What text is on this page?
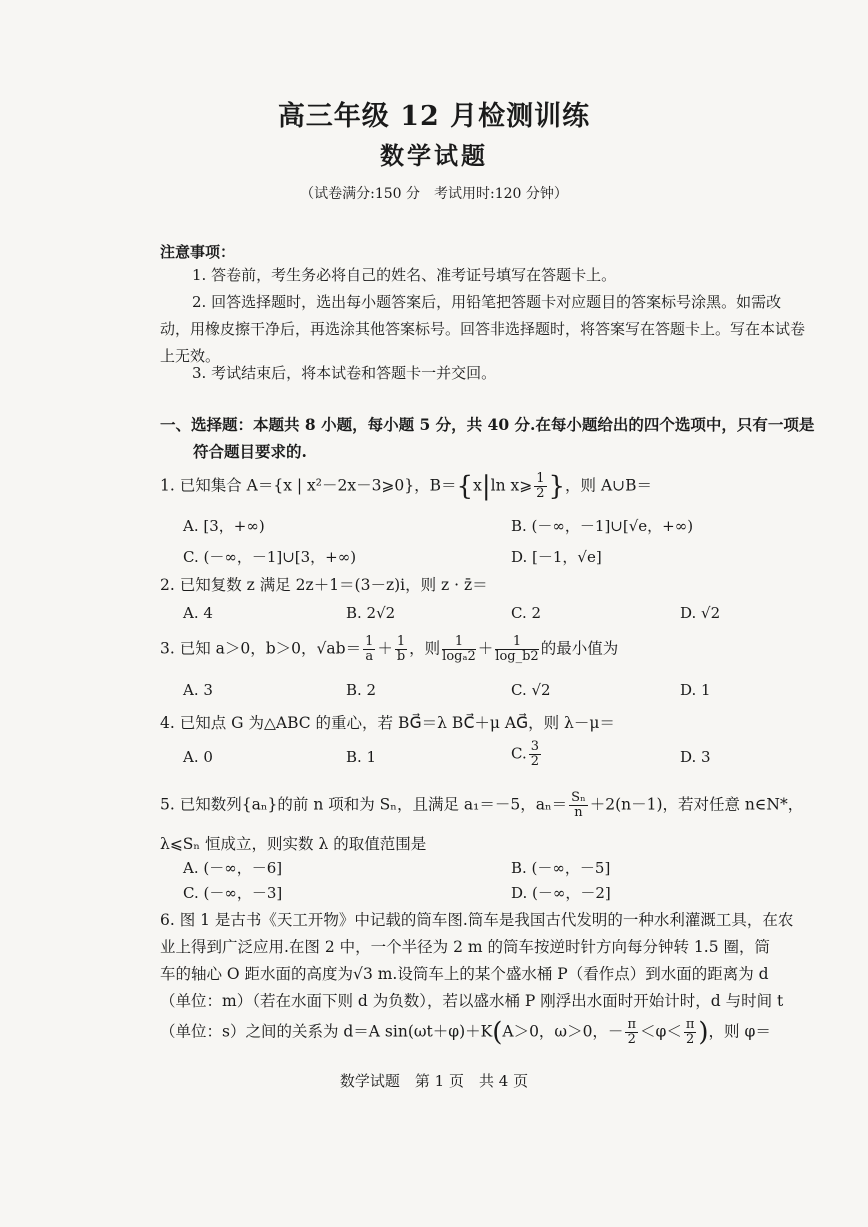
高三年级 12 月检测训练
数学试题
（试卷满分:150 分　考试用时:120 分钟）
注意事项：
1. 答卷前，考生务必将自己的姓名、准考证号填写在答题卡上。
2. 回答选择题时，选出每小题答案后，用铅笔把答题卡对应题目的答案标号涂黑。如需改动，用橡皮擦干净后，再选涂其他答案标号。回答非选择题时，将答案写在答题卡上。写在本试卷上无效。
3. 考试结束后，将本试卷和答题卡一并交回。
一、选择题：本题共 8 小题，每小题 5 分，共 40 分.在每小题给出的四个选项中，只有一项是
符合题目要求的.
1. 已知集合 A＝{x | x²－2x－3⩾0}，B＝{x|ln x⩾ $\frac{1}{2}$ }，则 A∪B＝
A. [3，+∞)	B. (－∞，－1]∪[√e，+∞)
C. (－∞，－1]∪[3，+∞)	D. [－1，√e]
2. 已知复数 z 满足 2z＋1＝(3－z)i，则 z · z̄＝
A. 4	B. 2√2	C. 2	D. √2
3. 已知 a＞0，b＞0，$√ab= \frac{1}{a} + \frac{1}{b}$ ，则 $\frac{1}{\text{logₐ2}} + \frac{1}{\log\_b2}$ 的最小值为
A. 3	B. 2	C. √2	D. 1
4. 已知点 G 为△ABC 的重心，若 BG⃗＝λ BC⃗＋μ AG⃗，则 λ－μ＝
A. 0	B. 1	C. $\frac{3}{2}$	D. 3
5. 已知数列{aₙ}的前 n 项和为 Sₙ，且满足 a₁＝－5，$a_n= \frac{\text{Sₙ}}{n} +2(n-1)$，若对任意 n∈N*，
λ⩽Sₙ 恒成立，则实数 λ 的取值范围是
A. (－∞，－6]	B. (－∞，－5]
C. (－∞，－3]	D. (－∞，－2]
6. 图 1 是古书《天工开物》中记载的筒车图.筒车是我国古代发明的一种水利灌溉工具，在农
业上得到广泛应用.在图 2 中，一个半径为 2 m 的筒车按逆时针方向每分钟转 1.5 圈，筒
车的轴心 O 距水面的高度为√3 m.设筒车上的某个盛水桶 P（看作点）到水面的距离为 d
（单位：m）（若在水面下则 d 为负数），若以盛水桶 P 刚浮出水面时开始计时，d 与时间 t
（单位：s）之间的关系为 d＝A sin(ωt＋φ)＋K(A＞0，ω＞0，－ $\frac{\pi}{2} <\varphi< \frac{\pi}{2}$ )，则 φ＝
数学试题　第 1 页　共 4 页
